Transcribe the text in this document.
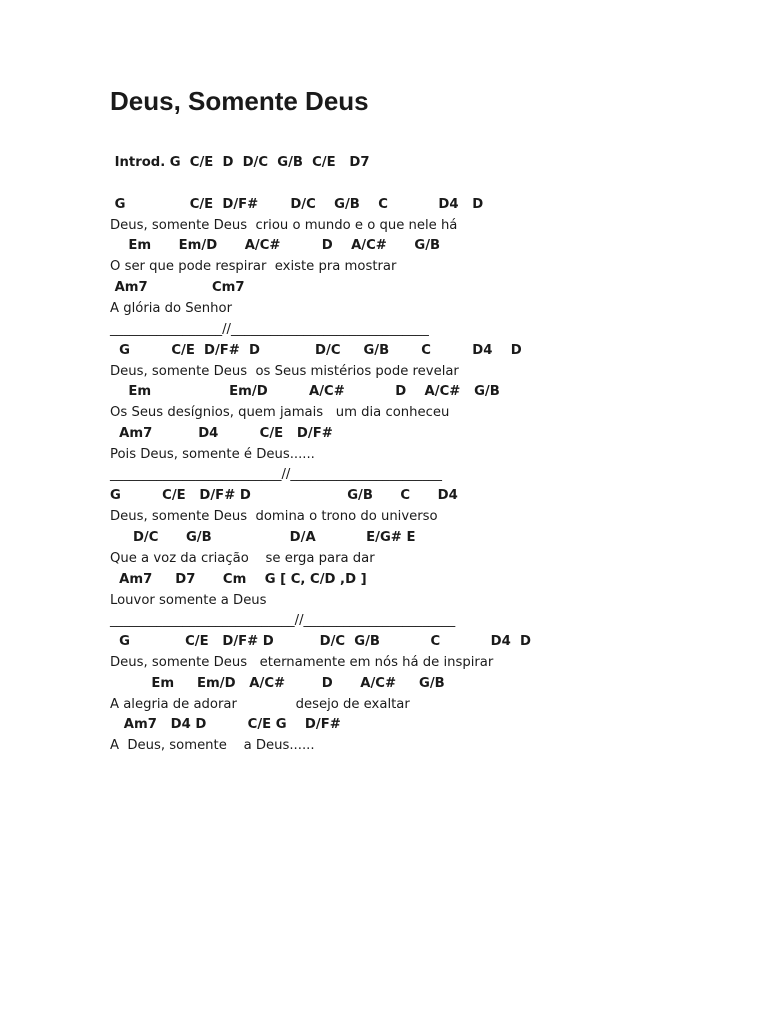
Deus, Somente Deus
Introd. G  C/E  D  D/C  G/B  C/E   D7
G              C/E  D/F#       D/C    G/B    C           D4   D
Deus, somente Deus  criou o mundo e o que nele há
Em      Em/D      A/C#         D    A/C#      G/B
O ser que pode respirar  existe pra mostrar
Am7              Cm7
A glória do Senhor
_________________//______________________________
G         C/E  D/F#  D            D/C     G/B       C         D4    D
Deus, somente Deus  os Seus mistérios pode revelar
Em                 Em/D         A/C#           D    A/C#   G/B
Os Seus desígnios, quem jamais   um dia conheceu
Am7          D4         C/E   D/F#
Pois Deus, somente é Deus......
__________________________//_______________________
G         C/E   D/F# D                     G/B      C      D4
Deus, somente Deus  domina o trono do universo
D/C      G/B                 D/A           E/G# E
Que a voz da criação    se erga para dar
Am7     D7      Cm    G [ C, C/D ,D ]
Louvor somente a Deus
____________________________//_______________________
G            C/E   D/F# D          D/C  G/B           C           D4  D
Deus, somente Deus   eternamente em nós há de inspirar
Em     Em/D   A/C#        D      A/C#     G/B
A alegria de adorar              desejo de exaltar
Am7   D4 D         C/E G    D/F#
A  Deus, somente    a Deus......
